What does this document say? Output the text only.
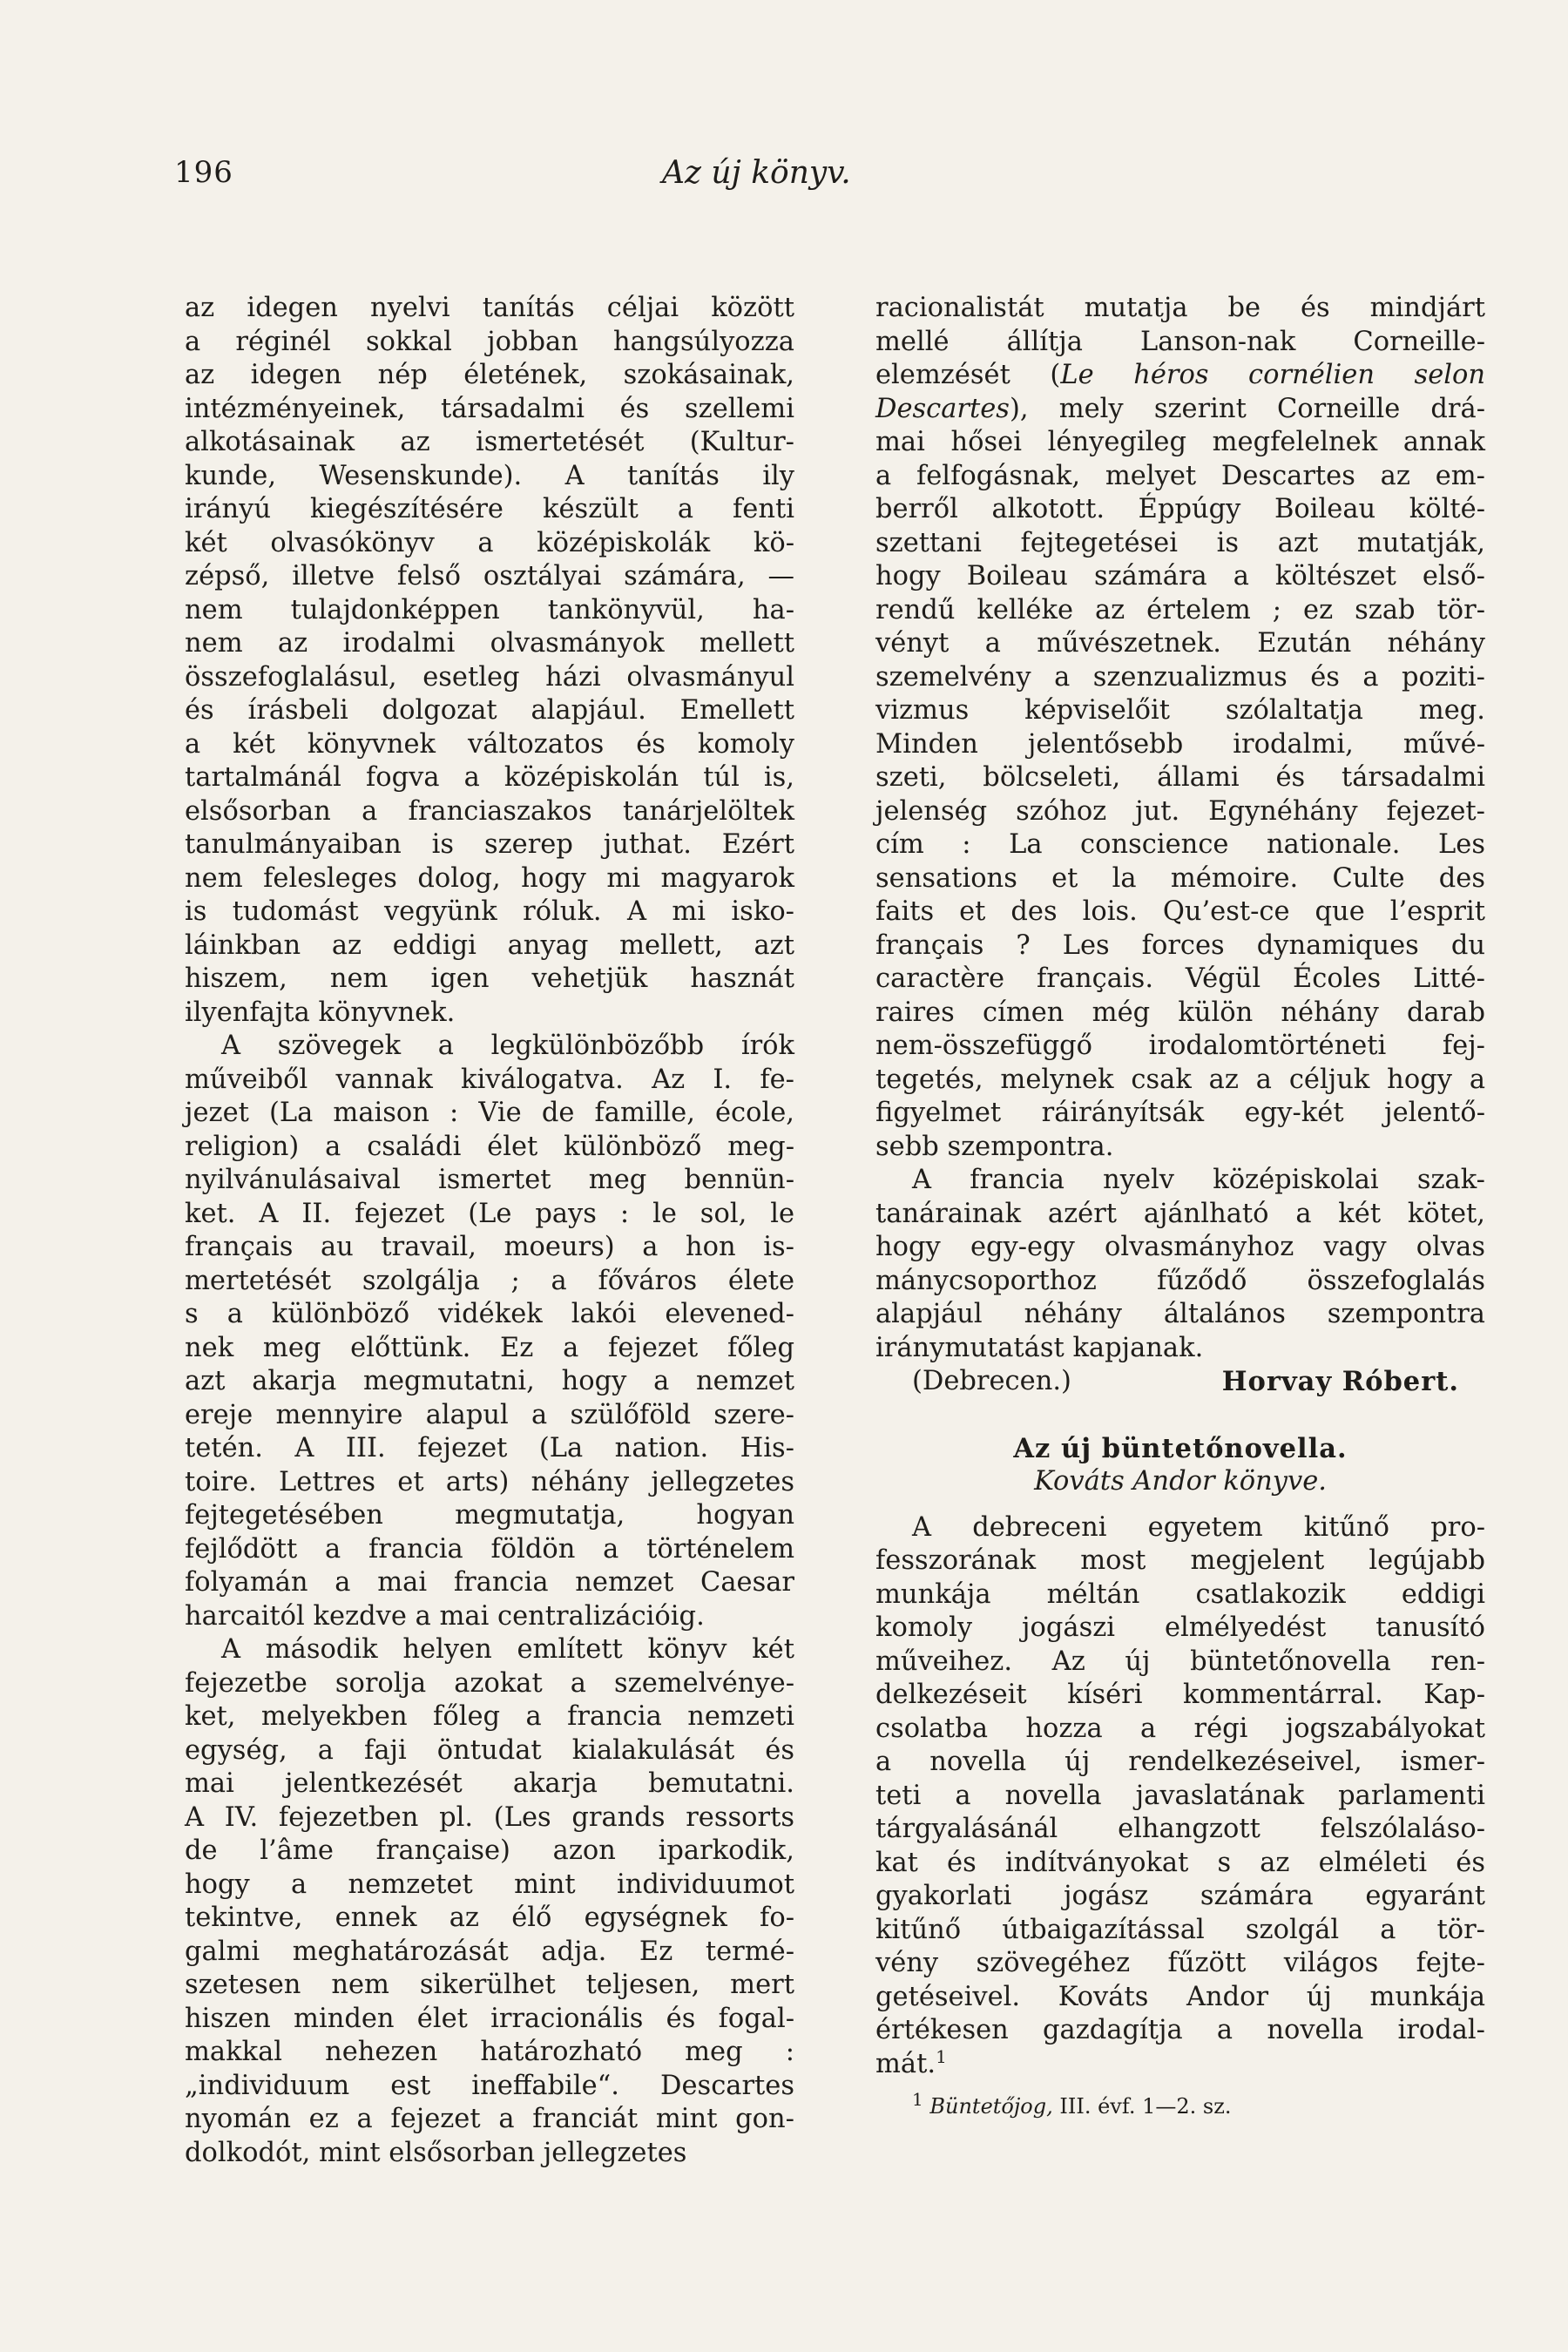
196	Az új könyv.
az idegen nyelvi tanítás céljai között
a réginél sokkal jobban hangsúlyozza
az idegen nép életének, szokásainak,
intézményeinek, társadalmi és szellemi
alkotásainak az ismertetését (Kultur-
kunde, Wesenskunde). A tanítás ily
irányú kiegészítésére készült a fenti
két olvasókönyv a középiskolák kö-
zépső, illetve felső osztályai számára, —
nem tulajdonképpen tankönyvül, ha-
nem az irodalmi olvasmányok mellett
összefoglalásul, esetleg házi olvasmányul
és írásbeli dolgozat alapjául. Emellett
a két könyvnek változatos és komoly
tartalmánál fogva a középiskolán túl is,
elsősorban a franciaszakos tanárjelöltek
tanulmányaiban is szerep juthat. Ezért
nem felesleges dolog, hogy mi magyarok
is tudomást vegyünk róluk. A mi isko-
láinkban az eddigi anyag mellett, azt
hiszem, nem igen vehetjük hasznát
ilyenfajta könyvnek.
A szövegek a legkülönbözőbb írók
műveiből vannak kiválogatva. Az I. fe-
jezet (La maison : Vie de famille, école,
religion) a családi élet különböző meg-
nyilvánulásaival ismertet meg bennün-
ket. A II. fejezet (Le pays : le sol, le
français au travail, moeurs) a hon is-
mertetését szolgálja ; a főváros élete
s a különböző vidékek lakói elevened-
nek meg előttünk. Ez a fejezet főleg
azt akarja megmutatni, hogy a nemzet
ereje mennyire alapul a szülőföld szere-
tetén. A III. fejezet (La nation. His-
toire. Lettres et arts) néhány jellegzetes
fejtegetésében megmutatja, hogyan
fejlődött a francia földön a történelem
folyamán a mai francia nemzet Caesar
harcaitól kezdve a mai centralizációig.
A második helyen említett könyv két
fejezetbe sorolja azokat a szemelvénye-
ket, melyekben főleg a francia nemzeti
egység, a faji öntudat kialakulását és
mai jelentkezését akarja bemutatni.
A IV. fejezetben pl. (Les grands ressorts
de l’âme française) azon iparkodik,
hogy a nemzetet mint individuumot
tekintve, ennek az élő egységnek fo-
galmi meghatározását adja. Ez termé-
szetesen nem sikerülhet teljesen, mert
hiszen minden élet irracionális és fogal-
makkal nehezen határozható meg :
„individuum est ineffabile“. Descartes
nyomán ez a fejezet a franciát mint gon-
dolkodót, mint elsősorban jellegzetes
racionalistát mutatja be és mindjárt
mellé állítja Lanson-nak Corneille-
elemzését (Le héros cornélien selon
Descartes), mely szerint Corneille drá-
mai hősei lényegileg megfelelnek annak
a felfogásnak, melyet Descartes az em-
berről alkotott. Éppúgy Boileau költé-
szettani fejtegetései is azt mutatják,
hogy Boileau számára a költészet első-
rendű kelléke az értelem ; ez szab tör-
vényt a művészetnek. Ezután néhány
szemelvény a szenzualizmus és a poziti-
vizmus képviselőit szólaltatja meg.
Minden jelentősebb irodalmi, művé-
szeti, bölcseleti, állami és társadalmi
jelenség szóhoz jut. Egynéhány fejezet-
cím : La conscience nationale. Les
sensations et la mémoire. Culte des
faits et des lois. Qu’est-ce que l’esprit
français ? Les forces dynamiques du
caractère français. Végül Écoles Litté-
raires címen még külön néhány darab
nem-összefüggő irodalomtörténeti fej-
tegetés, melynek csak az a céljuk hogy a
figyelmet ráirányítsák egy-két jelentő-
sebb szempontra.
A francia nyelv középiskolai szak-
tanárainak azért ajánlható a két kötet,
hogy egy-egy olvasmányhoz vagy olvas
mánycsoporthoz fűződő összefoglalás
alapjául néhány általános szempontra
iránymutatást kapjanak.
(Debrecen.)	Horvay Róbert.
Az új büntetőnovella.
Kováts Andor könyve.
A debreceni egyetem kitűnő pro-
fesszorának most megjelent legújabb
munkája méltán csatlakozik eddigi
komoly jogászi elmélyedést tanusító
műveihez. Az új büntetőnovella ren-
delkezéseit kíséri kommentárral. Kap-
csolatba hozza a régi jogszabályokat
a novella új rendelkezéseivel, ismer-
teti a novella javaslatának parlamenti
tárgyalásánál elhangzott felszólaláso-
kat és indítványokat s az elméleti és
gyakorlati jogász számára egyaránt
kitűnő útbaigazítással szolgál a tör-
vény szövegéhez fűzött világos fejte-
getéseivel. Kováts Andor új munkája
értékesen gazdagítja a novella irodal-
mát.$^1$
$^1$ Büntetőjog, III. évf. 1—2. sz.
